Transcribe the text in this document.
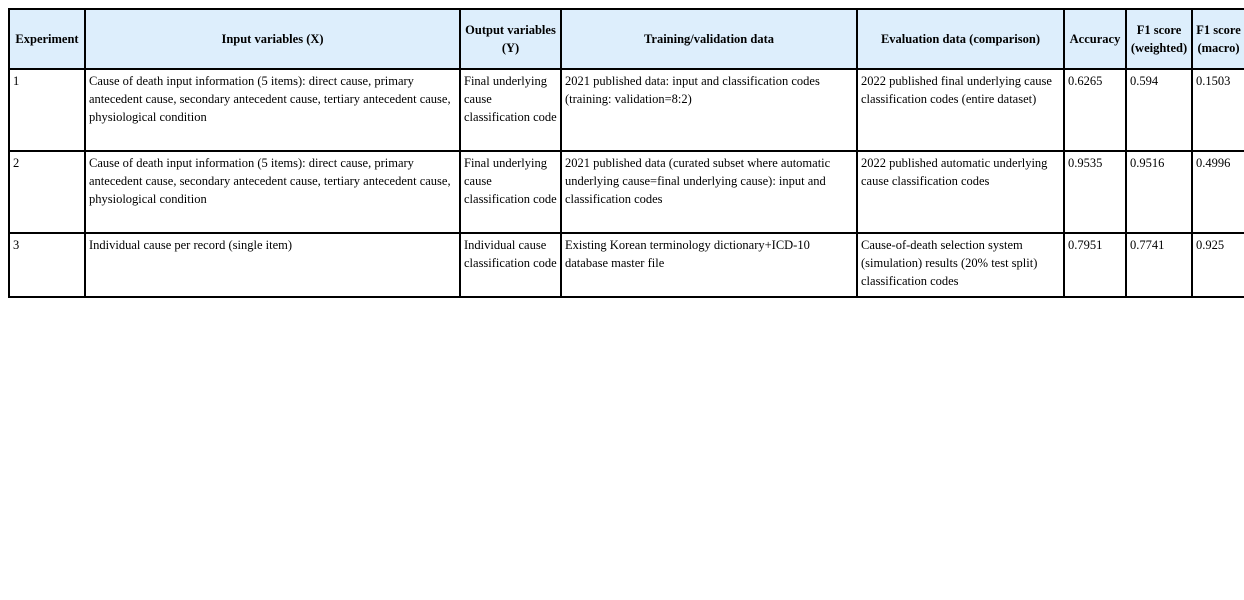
Experiment	Input variables (X)	Output variables (Y)	Training/validation data	Evaluation data (comparison)	Accuracy	F1 score (weighted)	F1 score (macro)
1	Cause of death input information (5 items): direct cause, primary antecedent cause, secondary antecedent cause, tertiary antecedent cause, physiological condition	Final underlying cause classification code	2021 published data: input and classification codes (training: validation=8:2)	2022 published final underlying cause classification codes (entire dataset)	0.6265	0.594	0.1503
2	Cause of death input information (5 items): direct cause, primary antecedent cause, secondary antecedent cause, tertiary antecedent cause, physiological condition	Final underlying cause classification code	2021 published data (curated subset where automatic underlying cause=final underlying cause): input and classification codes	2022 published automatic underlying cause classification codes	0.9535	0.9516	0.4996
3	Individual cause per record (single item)	Individual cause classification code	Existing Korean terminology dictionary+ICD-10 database master file	Cause-of-death selection system (simulation) results (20% test split) classification codes	0.7951	0.7741	0.925
